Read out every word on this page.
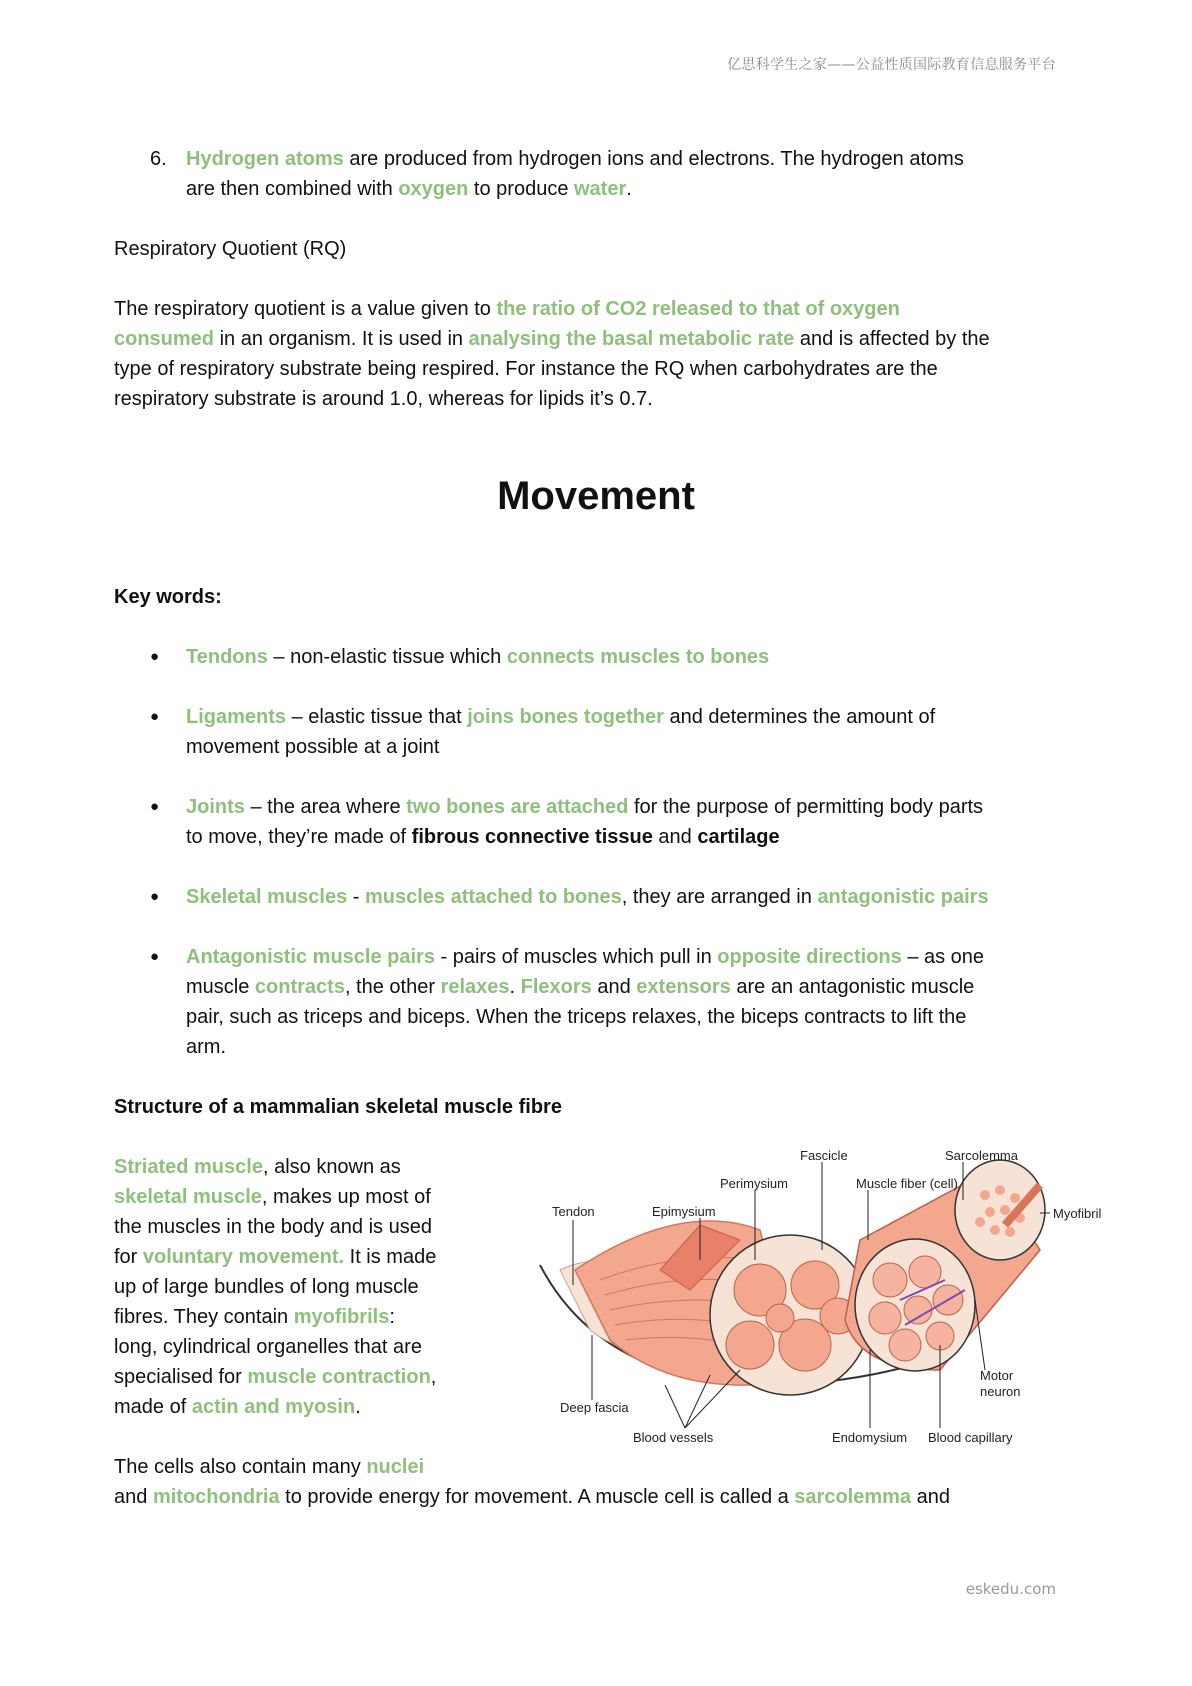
亿思科学生之家——公益性质国际教育信息服务平台
6. Hydrogen atoms are produced from hydrogen ions and electrons. The hydrogen atoms
are then combined with oxygen to produce water.
Respiratory Quotient (RQ)
The respiratory quotient is a value given to the ratio of CO2 released to that of oxygen
consumed in an organism. It is used in analysing the basal metabolic rate and is affected by the
type of respiratory substrate being respired. For instance the RQ when carbohydrates are the
respiratory substrate is around 1.0, whereas for lipids it’s 0.7.
Movement
Key words:
● Tendons – non-elastic tissue which connects muscles to bones
● Ligaments – elastic tissue that joins bones together and determines the amount of
movement possible at a joint
● Joints – the area where two bones are attached for the purpose of permitting body parts
to move, they’re made of fibrous connective tissue and cartilage
● Skeletal muscles - muscles attached to bones, they are arranged in antagonistic pairs
● Antagonistic muscle pairs - pairs of muscles which pull in opposite directions – as one
muscle contracts, the other relaxes. Flexors and extensors are an antagonistic muscle
pair, such as triceps and biceps. When the triceps relaxes, the biceps contracts to lift the
arm.
Structure of a mammalian skeletal muscle fibre
Striated muscle, also known as
skeletal muscle, makes up most of
the muscles in the body and is used
for voluntary movement. It is made
up of large bundles of long muscle
fibres. They contain myofibrils:
long, cylindrical organelles that are
specialised for muscle contraction,
made of actin and myosin.
The cells also contain many nuclei
and mitochondria to provide energy for movement. A muscle cell is called a sarcolemma and
Fascicle	Sarcolemma
Perimysium	Muscle fiber (cell)
Myofibril
Tendon	Epimysium
Motor
neuron
Deep fascia
Blood vessels	Endomysium Blood capillary
eskedu.com
